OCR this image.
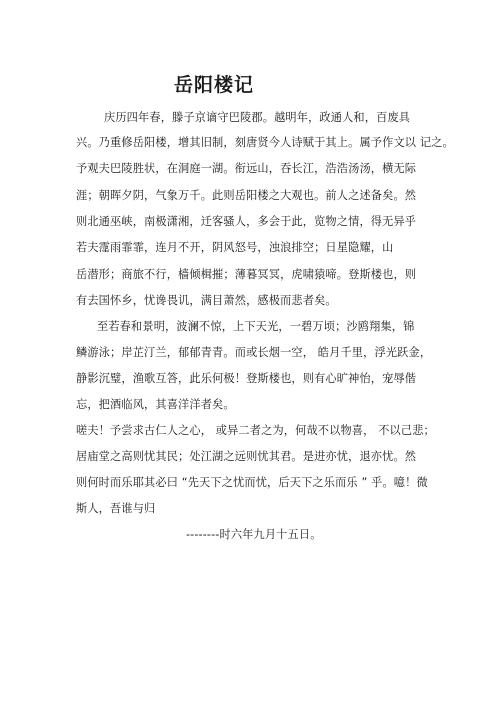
岳阳楼记
庆历四年春，滕子京谪守巴陵郡。越明年，政通人和，百废具
兴。乃重修岳阳楼，增其旧制，刻唐贤今人诗赋于其上。属予作文以 记之。
予观夫巴陵胜状，在洞庭一湖。衔远山，吞长江，浩浩汤汤，横无际
涯；朝晖夕阴，气象万千。此则岳阳楼之大观也。前人之述备矣。然
则北通巫峡，南极潇湘，迁客骚人，多会于此，览物之情，得无异乎
若夫霪雨霏霏，连月不开，阴风怒号，浊浪排空；日星隐耀，山
岳潜形；商旅不行，樯倾楫摧；薄暮冥冥，虎啸猿啼。登斯楼也，则
有去国怀乡，忧谗畏讥，满目萧然，感极而悲者矣。
至若春和景明，波澜不惊，上下天光，一碧万顷；沙鸥翔集，锦
鳞游泳；岸芷汀兰，郁郁青青。而或长烟一空， 皓月千里，浮光跃金，
静影沉璧，渔歌互答，此乐何极！登斯楼也，则有心旷神怡，宠辱偕
忘，把酒临风，其喜洋洋者矣。
嗟夫！予尝求古仁人之心， 或异二者之为，何哉不以物喜， 不以己悲；
居庙堂之高则忧其民；处江湖之远则忧其君。是进亦忧，退亦忧。然
则何时而乐耶其必曰 “先天下之忧而忧，后天下之乐而乐 ” 乎。噫！微
斯人，吾谁与归
--------时六年九月十五日。
